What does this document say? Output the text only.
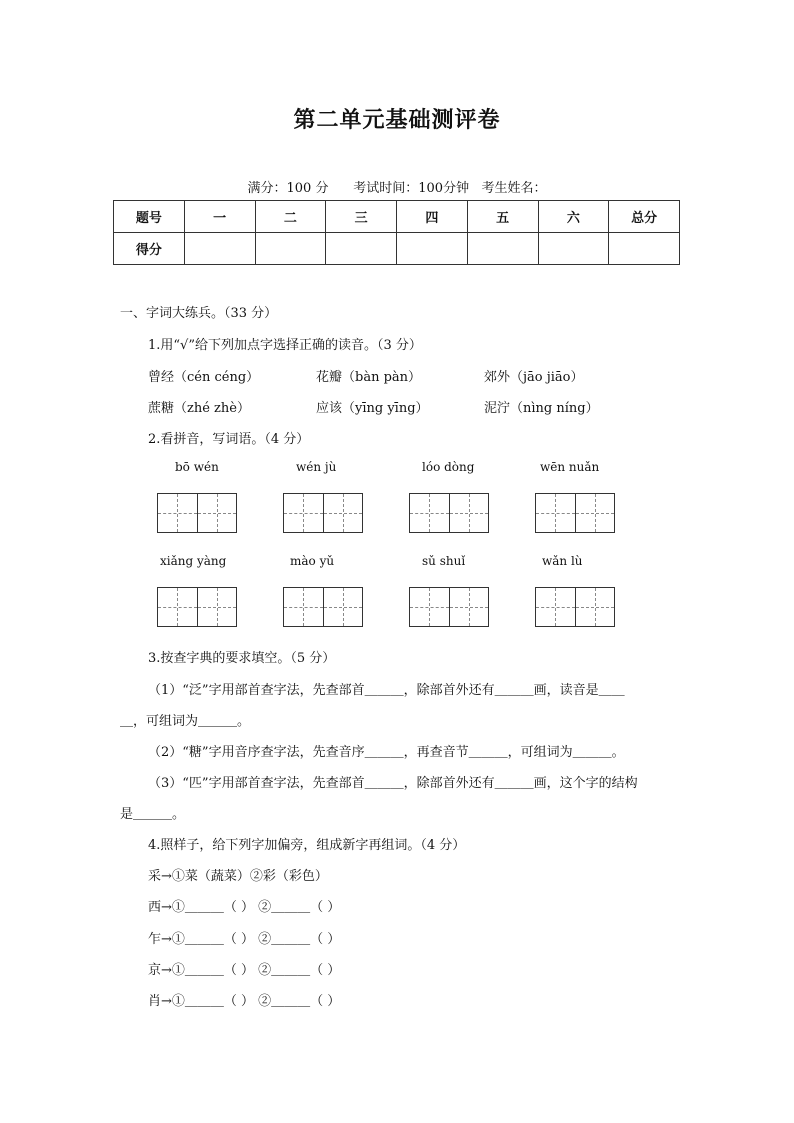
第二单元基础测评卷
满分：100 分      考试时间：100分钟   考生姓名：
题号	一	二	三	四	五	六	总分
得分							
一、字词大练兵。（33 分）
1.用“√”给下列加点字选择正确的读音。（3 分）
曾经（cén céng）	花瓣（bàn pàn）	郊外（jāo jiāo）
蔗糖（zhé zhè）	应该（yīng yīng）	泥泞（nìng níng）
2.看拼音，写词语。（4 分）
bō wén	wén jù	lóo dòng	wēn nuǎn
xiǎng yàng	mào yǔ	sǔ shuǐ	wǎn lù
3.按查字典的要求填空。（5 分）
（1）“泛”字用部首查字法，先查部首＿＿＿，除部首外还有＿＿＿画，读音是＿＿
＿，可组词为＿＿＿。
（2）“糖”字用音序查字法，先查音序＿＿＿，再查音节＿＿＿，可组词为＿＿＿。
（3）“匹”字用部首查字法，先查部首＿＿＿，除部首外还有＿＿＿画，这个字的结构
是＿＿＿。
4.照样子，给下列字加偏旁，组成新字再组词。（4 分）
采→①菜（蔬菜）②彩（彩色）
西→①＿＿＿（ ） ②＿＿＿（ ）
乍→①＿＿＿（ ） ②＿＿＿（ ）
京→①＿＿＿（ ） ②＿＿＿（ ）
肖→①＿＿＿（ ） ②＿＿＿（ ）
